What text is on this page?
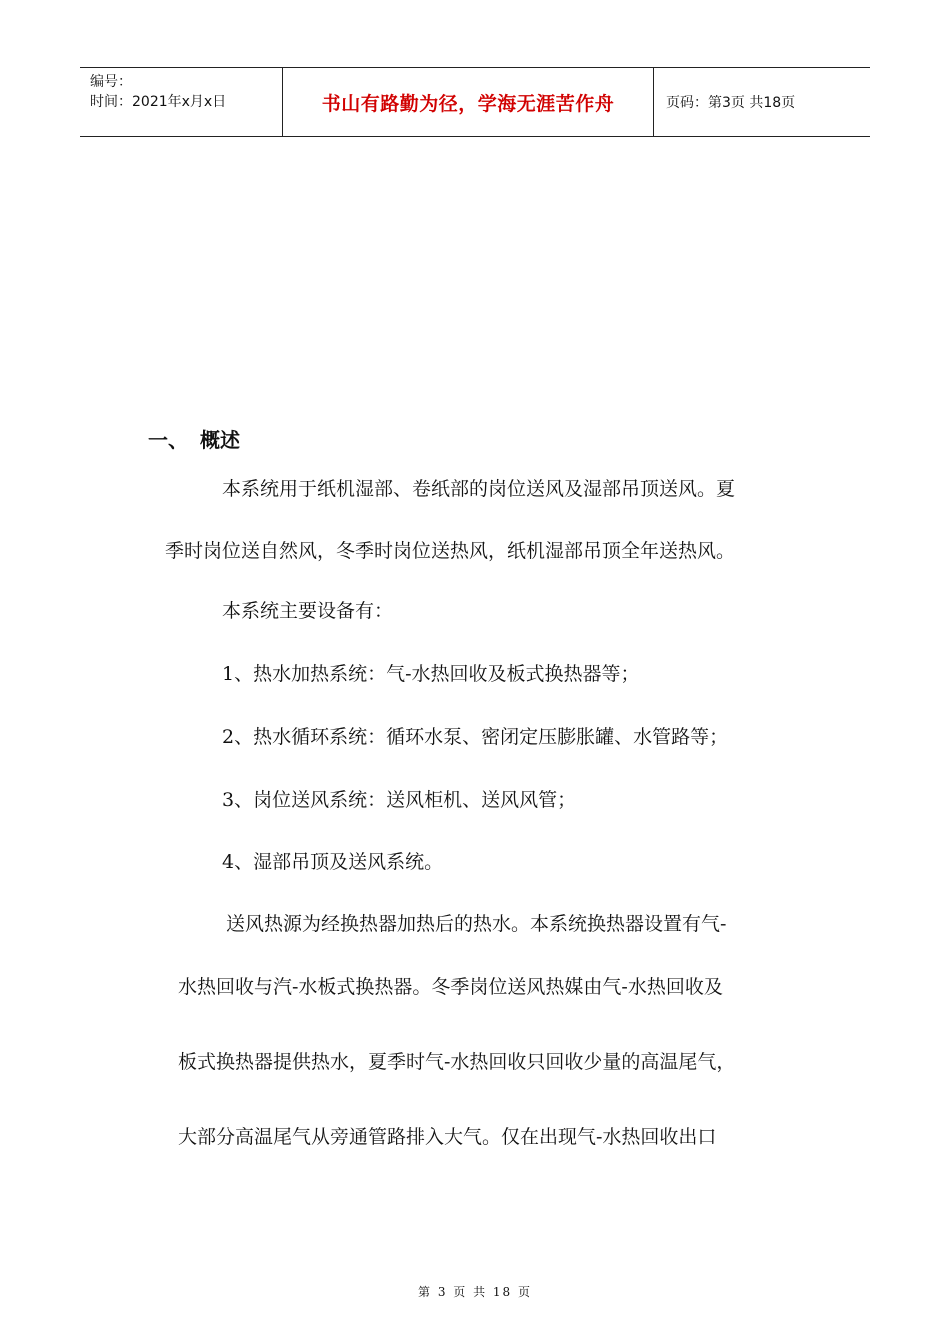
编号：
时间：2021年x月x日	书山有路勤为径，学海无涯苦作舟	页码：第3页 共18页
一、 概述
本系统用于纸机湿部、卷纸部的岗位送风及湿部吊顶送风。夏
季时岗位送自然风，冬季时岗位送热风，纸机湿部吊顶全年送热风。
本系统主要设备有：
1、热水加热系统：气-水热回收及板式换热器等；
2、热水循环系统：循环水泵、密闭定压膨胀罐、水管路等；
3、岗位送风系统：送风柜机、送风风管；
4、湿部吊顶及送风系统。
送风热源为经换热器加热后的热水。本系统换热器设置有气-
水热回收与汽-水板式换热器。冬季岗位送风热媒由气-水热回收及
板式换热器提供热水，夏季时气-水热回收只回收少量的高温尾气，
大部分高温尾气从旁通管路排入大气。仅在出现气-水热回收出口
第 3 页 共 18 页
